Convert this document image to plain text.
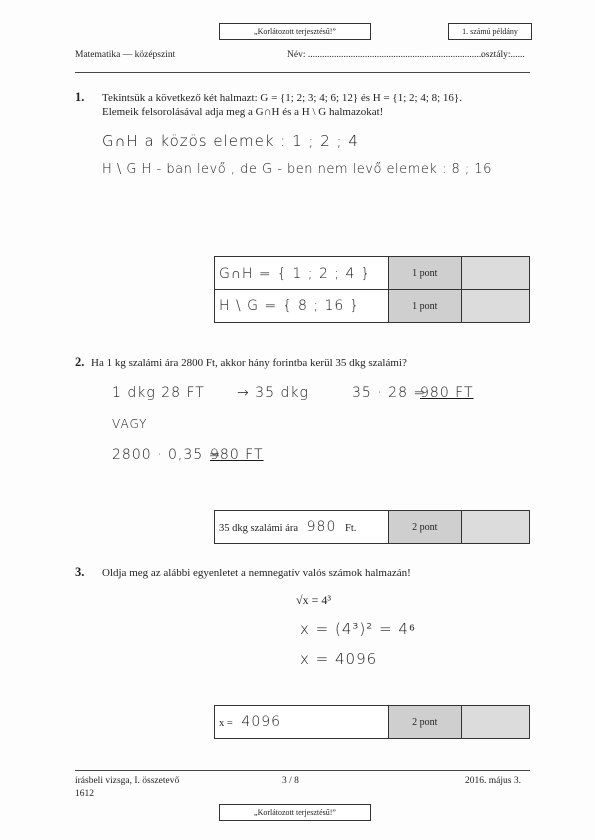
„Korlátozott terjesztésű!”	1. számú példány
Matematika — középszint	Név: ..........................................................................
osztály:......
1. Tekintsük a következő két halmazt: G = {1; 2; 3; 4; 6; 12} és H = {1; 2; 4; 8; 16}.
Elemeik felsorolásával adja meg a G∩H és a H \ G halmazokat!
G∩H a közös elemek : 1 ; 2 ; 4
H \ G H - ban levő , de G - ben nem levő elemek : 8 ; 16
G∩H = { 1 ; 2 ; 4 }	1 pont	
H \ G = { 8 ; 16 }	1 pont	
2. Ha 1 kg szalámi ára 2800 Ft, akkor hány forintba kerül 35 dkg szalámi?
1 dkg 28 FT → 35 dkg	35 · 28 =
980 FT
VAGY
2800 · 0,35 =
980 FT
35 dkg szalámi ára 980 Ft.	2 pont	
3. Oldja meg az alábbi egyenletet a nemnegatív valós számok halmazán!
√x = 4³
x = (4³)² = 4⁶
x = 4096
x = 4096	2 pont	
írásbeli vizsga, I. összetevő
1612
3 / 8	2016. május 3.
„Korlátozott terjesztésű!”
